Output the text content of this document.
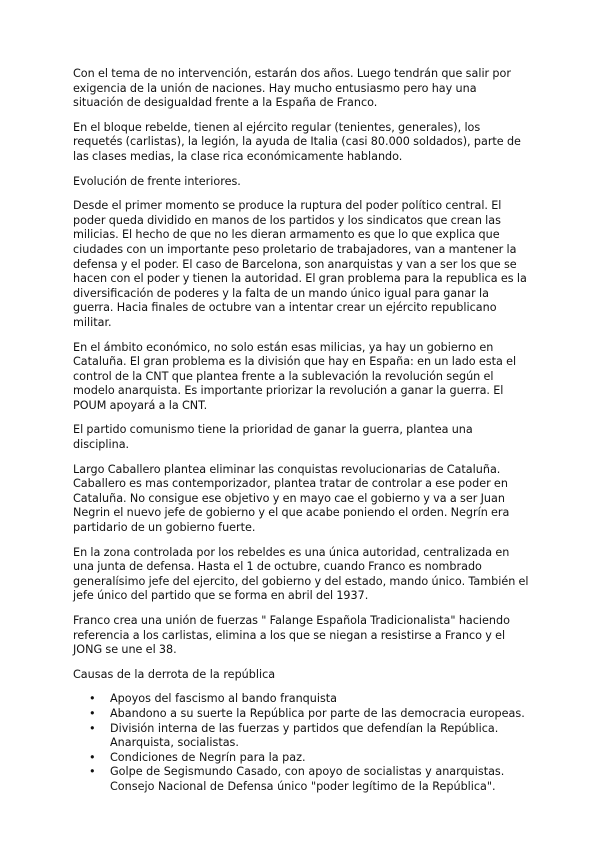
Con el tema de no intervención, estarán dos años. Luego tendrán que salir por exigencia de la unión de naciones. Hay mucho entusiasmo pero hay una situación de desigualdad frente a la España de Franco.

En el bloque rebelde, tienen al ejército regular (tenientes, generales), los requetés (carlistas), la legión, la ayuda de Italia (casi 80.000 soldados), parte de las clases medias, la clase rica económicamente hablando.

Evolución de frente interiores.

Desde el primer momento se produce la ruptura del poder político central. El poder queda dividido en manos de los partidos y los sindicatos que crean las milicias. El hecho de que no les dieran armamento es que lo que explica que ciudades con un importante peso proletario de trabajadores, van a mantener la defensa y el poder. El caso de Barcelona, son anarquistas y van a ser los que se hacen con el poder y tienen la autoridad. El gran problema para la republica es la diversificación de poderes y la falta de un mando único igual para ganar la guerra. Hacia finales de octubre van a intentar crear un ejército republicano militar.

En el ámbito económico, no solo están esas milicias, ya hay un gobierno en Cataluña. El gran problema es la división que hay en España: en un lado esta el control de la CNT que plantea frente a la sublevación la revolución según el modelo anarquista. Es importante priorizar la revolución a ganar la guerra. El POUM apoyará a la CNT.

El partido comunismo tiene la prioridad de ganar la guerra, plantea una disciplina.

Largo Caballero plantea eliminar las conquistas revolucionarias de Cataluña. Caballero es mas contemporizador, plantea tratar de controlar a ese poder en Cataluña. No consigue ese objetivo y en mayo cae el gobierno y va a ser Juan Negrin el nuevo jefe de gobierno y el que acabe poniendo el orden. Negrín era partidario de un gobierno fuerte.

En la zona controlada por los rebeldes es una única autoridad, centralizada en una junta de defensa. Hasta el 1 de octubre, cuando Franco es nombrado generalísimo jefe del ejercito, del gobierno y del estado, mando único. También el jefe único del partido que se forma en abril del 1937.

Franco crea una unión de fuerzas " Falange Española Tradicionalista" haciendo referencia a los carlistas, elimina a los que se niegan a resistirse a Franco y el JONG se une el 38.

Causas de la derrota de la república

• Apoyos del fascismo al bando franquista
• Abandono a su suerte la República por parte de las democracia europeas.
• División interna de las fuerzas y partidos que defendían la República. Anarquista, socialistas.
• Condiciones de Negrín para la paz.
• Golpe de Segismundo Casado, con apoyo de socialistas y anarquistas. Consejo Nacional de Defensa único "poder legítimo de la República".
